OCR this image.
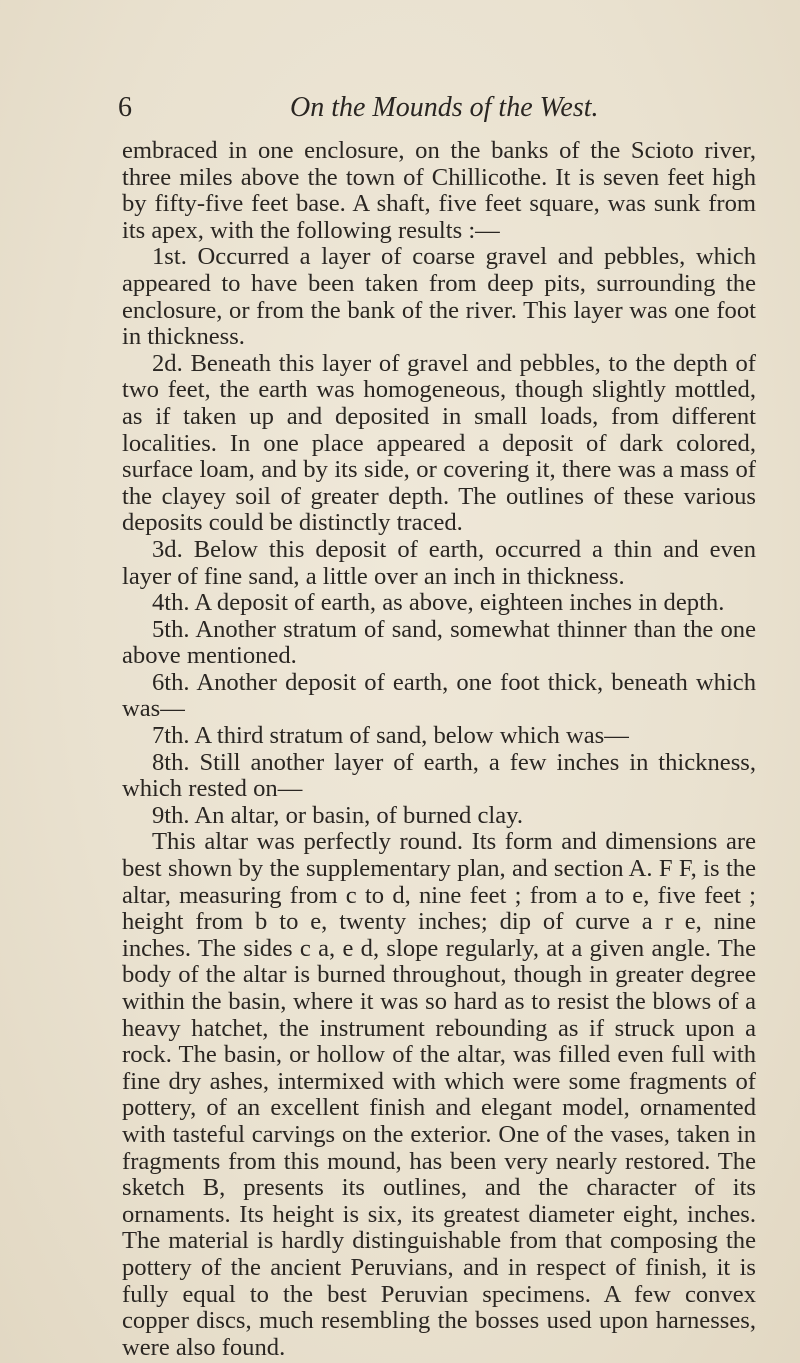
6	On the Mounds of the West.

embraced in one enclosure, on the banks of the Scioto river, three miles above the town of Chillicothe. It is seven feet high by fifty-five feet base. A shaft, five feet square, was sunk from its apex, with the following results :—

1st. Occurred a layer of coarse gravel and pebbles, which appeared to have been taken from deep pits, surrounding the enclosure, or from the bank of the river. This layer was one foot in thickness.

2d. Beneath this layer of gravel and pebbles, to the depth of two feet, the earth was homogeneous, though slightly mottled, as if taken up and deposited in small loads, from different localities. In one place appeared a deposit of dark colored, surface loam, and by its side, or covering it, there was a mass of the clayey soil of greater depth. The outlines of these various deposits could be distinctly traced.

3d. Below this deposit of earth, occurred a thin and even layer of fine sand, a little over an inch in thickness.

4th. A deposit of earth, as above, eighteen inches in depth.

5th. Another stratum of sand, somewhat thinner than the one above mentioned.

6th. Another deposit of earth, one foot thick, beneath which was—

7th. A third stratum of sand, below which was—

8th. Still another layer of earth, a few inches in thickness, which rested on—

9th. An altar, or basin, of burned clay.

This altar was perfectly round. Its form and dimensions are best shown by the supplementary plan, and section A. F F, is the altar, measuring from c to d, nine feet ; from a to e, five feet ; height from b to e, twenty inches; dip of curve a r e, nine inches. The sides c a, e d, slope regularly, at a given angle. The body of the altar is burned throughout, though in greater degree within the basin, where it was so hard as to resist the blows of a heavy hatchet, the instrument rebounding as if struck upon a rock. The basin, or hollow of the altar, was filled even full with fine dry ashes, intermixed with which were some fragments of pottery, of an excellent finish and elegant model, ornamented with tasteful carvings on the exterior. One of the vases, taken in fragments from this mound, has been very nearly restored. The sketch B, presents its outlines, and the character of its ornaments. Its height is six, its greatest diameter eight, inches. The material is hardly distinguishable from that composing the pottery of the ancient Peruvians, and in respect of finish, it is fully equal to the best Peruvian specimens. A few convex copper discs, much resembling the bosses used upon harnesses, were also found.
